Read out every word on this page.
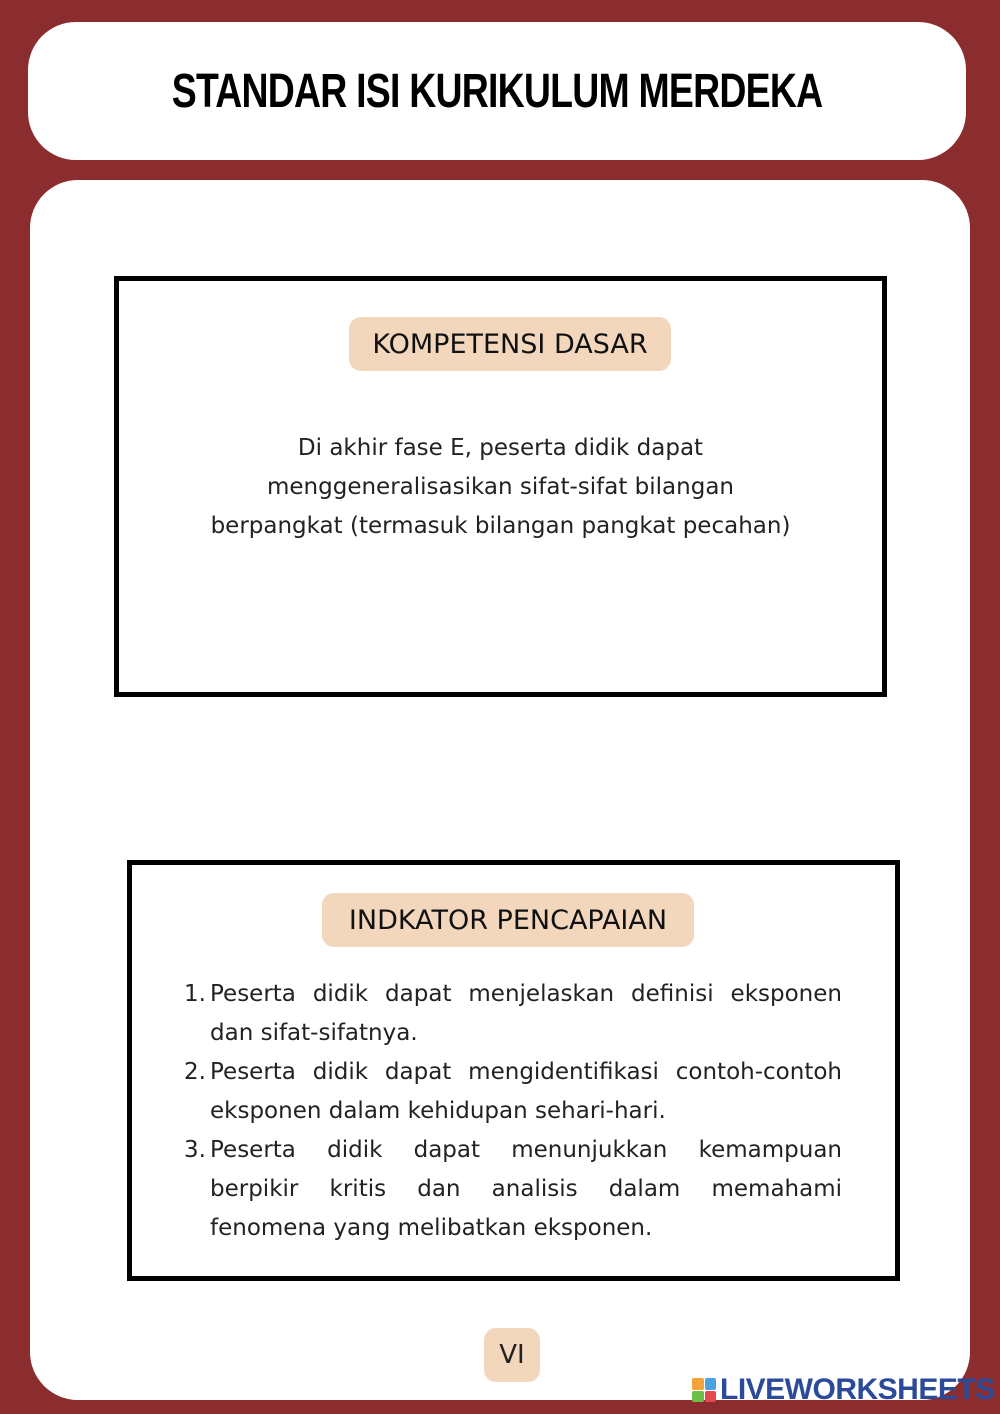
STANDAR ISI KURIKULUM MERDEKA
KOMPETENSI DASAR
Di akhir fase E, peserta didik dapat
menggeneralisasikan sifat-sifat bilangan
berpangkat (termasuk bilangan pangkat pecahan)
INDKATOR PENCAPAIAN
1. Peserta didik dapat menjelaskan definisi eksponen dan sifat-sifatnya.
2. Peserta didik dapat mengidentifikasi contoh-contoh eksponen dalam kehidupan sehari-hari.
3. Peserta didik dapat menunjukkan kemampuan berpikir kritis dan analisis dalam memahami fenomena yang melibatkan eksponen.
VI
LIVEWORKSHEETS
